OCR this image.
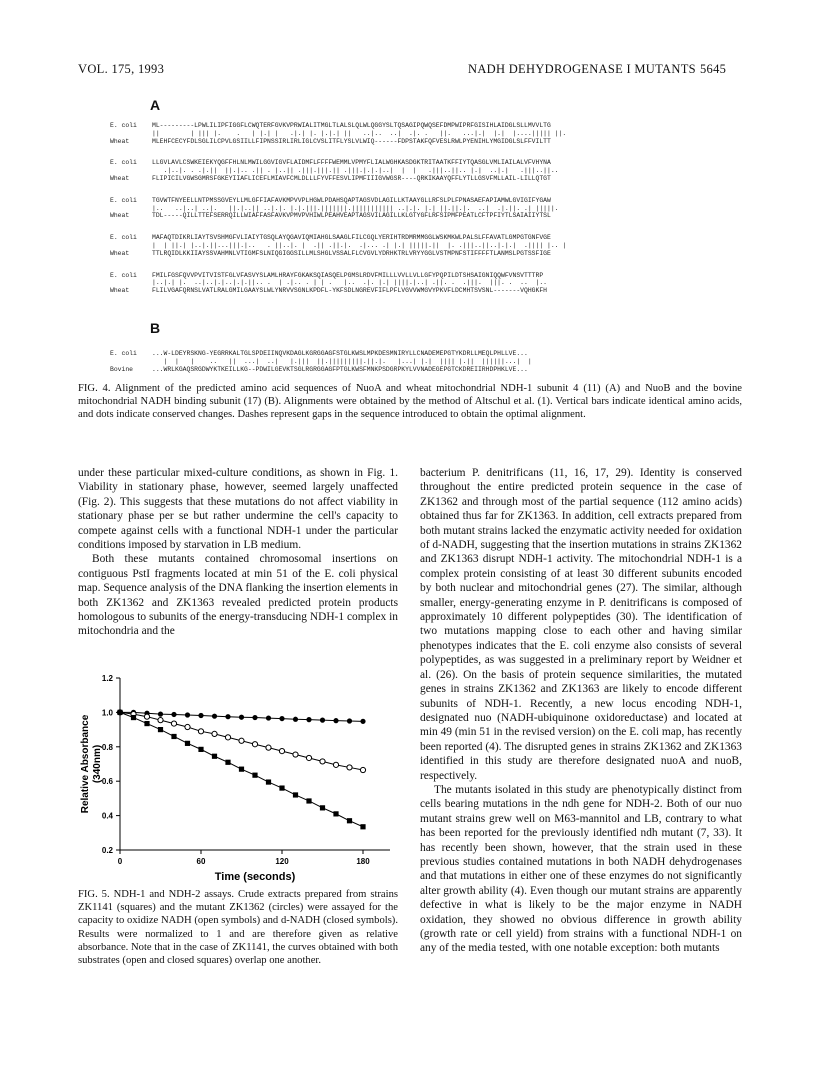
VOL. 175, 1993	NADH DEHYDROGENASE I MUTANTS 5645
A
E. coli	ML---------LPWLILIPFIGGFLCWQTERFGVKVPRWIALITMGLTLALSLQLWLQGGYSLTQSAGIPQWQSEFDMPWIPRFGISIHLAIDGLSLLMVVLTG
||        | ||| |.    .   | |.| |   .|.| |. |.|.| ||   ..|..  ..|  .|. .   ||.   ...|.|  |.|  |....||||| ||.
Wheat	MLEHFCECYFDLSGLILCPVLGSIILLFIPNSSIRLIRLIGLCVSLITFLYSLVLWIQ------FDPSTAKFQFVESLRWLPYENIHLYMGIDGLSLFFVILTT
E. coli	LLGVLAVLCSWKEIEKYQGFFHLNLMWILGGVIGVFLAIDMFLFFFFWEMMLVPMYFLIALWGHKASDGKTRITAATKFFIYTQASGLVMLIAILALVFVHYNA
.|..|. . .|.||  ||.|.. .|| . |..|| .|||.|||.|| .|||.|.|.|..|  |  |   .|||..||.. |.|  ..|.|   .|||..||..
Wheat	FLIPICILVGWSGMRSFGKEYIIAFLICEFLMIAVFCMLDLLLFYVFFESVLIPMFIIIGVWGSR----QRKIKAAYQFFLYTLLGSVFMLLAIL-LILLQTGT
E. coli	TGVWTFNYEELLNTPMSSGVEYLLMLGFFIAFAVKMPVVPLHGWLPDAHSQAPTAGSVDLAGILLKTAAYGLLRFSLPLFPNASAEFAPIAMWLGVIGIFYGAW
|..   ..|..| ..|.   ||.|..|| ..|.|. |.|.|||.|||||||.||||||||||| ..|.|. |.| ||.||.|.  ..|  .|.||. .| |||||.
Wheat	TDL-----QILLTTEFSERRQILLWIAFFASFAVKVPMVPVHIWLPEAHVEAPTAGSVILAGILLKLGTYGFLRFSIPMFPEATLCFTPFIYTLSAIAIIYTSL
E. coli	MAFAQTDIKRLIAYTSVSHMGFVLIAIYTGSQLAYQGAVIQMIAHGLSAAGLFILCGQLYERIHTRDMRMMGGLWSKMKWLPALSLFFAVATLGMPGTGNFVGE
|  | ||.| |..|.||...|||.|..   . ||..|. |  .|| .||.|.  .|... .| |.| |||||.||  |. .|||..||..|.|.|  .|||| |.. |
Wheat	TTLRQIDLKKIIAYSSVAHMNLVTIGMFSLNIQGIGGSILLMLSHGLVSSALFLCVGVLYDRHKTRLVRYYGGLVSTMPNFSTIFFFFTLANMSLPGTSSFIGE
E. coli	FMILFGSFQVVPVITVISTFGLVFASVYSLAMLHRAYFGKAKSQIASQELPGMSLRDVFMILLLVVLLVLLGFYPQPILDTSHSAIGNIQQWFVNSVTTTRP
|..|.| |.  ..|..|.|..|.|.||.. .  | .|.. . | | .   |..  .|. |.| ||||.|..| .||. .  .|||.  |||. .  ..  |..
Wheat	FLILVGAFQRNSLVATLRALGMILGAAYSLWLYNRVVSGNLKPDFL-YKFSDLNGREVFIFLPFLVGVVWMGVYPKVFLDCMHTSVSNL-------VQHGKFH
B
E. coli	...W-LDEYRSKNG-YEGRRKALTGLSPDEIINQVKDAGLKGRGGAGFSTGLKWSLMPKDESMNIRYLLCNADEMEPGTYKDRLLMEQLPHLLVE...
|  |   |    ..   ||  ...|  ..|   |.|||  ||.|||||||||.||.|.   |...| |.|  |||| |.||  ||||||...|  |
Bovine	...WRLKGAQSRGDWYKTKEILLKG--PDWILGEVKTSGLRGRGGAGFPTGLKWSFMNKPSDGRPKYLVVNADEGEPGTCKDREIIRHDPHKLVE...
FIG. 4. Alignment of the predicted amino acid sequences of NuoA and wheat mitochondrial NDH-1 subunit 4 (11) (A) and NuoB and the bovine mitochondrial NADH binding subunit (17) (B). Alignments were obtained by the method of Altschul et al. (1). Vertical bars indicate identical amino acids, and dots indicate conserved changes. Dashes represent gaps in the sequence introduced to obtain the optimal alignment.

under these particular mixed-culture conditions, as shown in Fig. 1. Viability in stationary phase, however, seemed largely unaffected (Fig. 2). This suggests that these mutations do not affect viability in stationary phase per se but rather undermine the cell's capacity to compete against cells with a functional NDH-1 under the particular conditions imposed by starvation in LB medium.

Both these mutants contained chromosomal insertions on contiguous PstI fragments located at min 51 of the E. coli physical map. Sequence analysis of the DNA flanking the insertion elements in both ZK1362 and ZK1363 revealed predicted protein products homologous to subunits of the energy-transducing NDH-1 complex in mitochondria and the

0.2
0.4
0.6
0.8
1.0
1.2
0	60	120	180
Time (seconds)
Relative Absorbance (340nm)
FIG. 5. NDH-1 and NDH-2 assays. Crude extracts prepared from strains ZK1141 (squares) and the mutant ZK1362 (circles) were assayed for the capacity to oxidize NADH (open symbols) and d-NADH (closed symbols). Results were normalized to 1 and are therefore given as relative absorbance. Note that in the case of ZK1141, the curves obtained with both substrates (open and closed squares) overlap one another.

bacterium P. denitrificans (11, 16, 17, 29). Identity is conserved throughout the entire predicted protein sequence in the case of ZK1362 and through most of the partial sequence (112 amino acids) obtained thus far for ZK1363. In addition, cell extracts prepared from both mutant strains lacked the enzymatic activity needed for oxidation of d-NADH, suggesting that the insertion mutations in strains ZK1362 and ZK1363 disrupt NDH-1 activity. The mitochondrial NDH-1 is a complex protein consisting of at least 30 different subunits encoded by both nuclear and mitochondrial genes (27). The similar, although smaller, energy-generating enzyme in P. denitrificans is composed of approximately 10 different polypeptides (30). The identification of two mutations mapping close to each other and having similar phenotypes indicates that the E. coli enzyme also consists of several polypeptides, as was suggested in a preliminary report by Weidner et al. (26). On the basis of protein sequence similarities, the mutated genes in strains ZK1362 and ZK1363 are likely to encode different subunits of NDH-1. Recently, a new locus encoding NDH-1, designated nuo (NADH-ubiquinone oxidoreductase) and located at min 49 (min 51 in the revised version) on the E. coli map, has recently been reported (4). The disrupted genes in strains ZK1362 and ZK1363 identified in this study are therefore designated nuoA and nuoB, respectively.

The mutants isolated in this study are phenotypically distinct from cells bearing mutations in the ndh gene for NDH-2. Both of our nuo mutant strains grew well on M63-mannitol and LB, contrary to what has been reported for the previously identified ndh mutant (7, 33). It has recently been shown, however, that the strain used in these previous studies contained mutations in both NADH dehydrogenases and that mutations in either one of these enzymes do not significantly alter growth ability (4). Even though our mutant strains are apparently defective in what is likely to be the major enzyme in NADH oxidation, they showed no obvious difference in growth ability (growth rate or cell yield) from strains with a functional NDH-1 on any of the media tested, with one notable exception: both mutants
